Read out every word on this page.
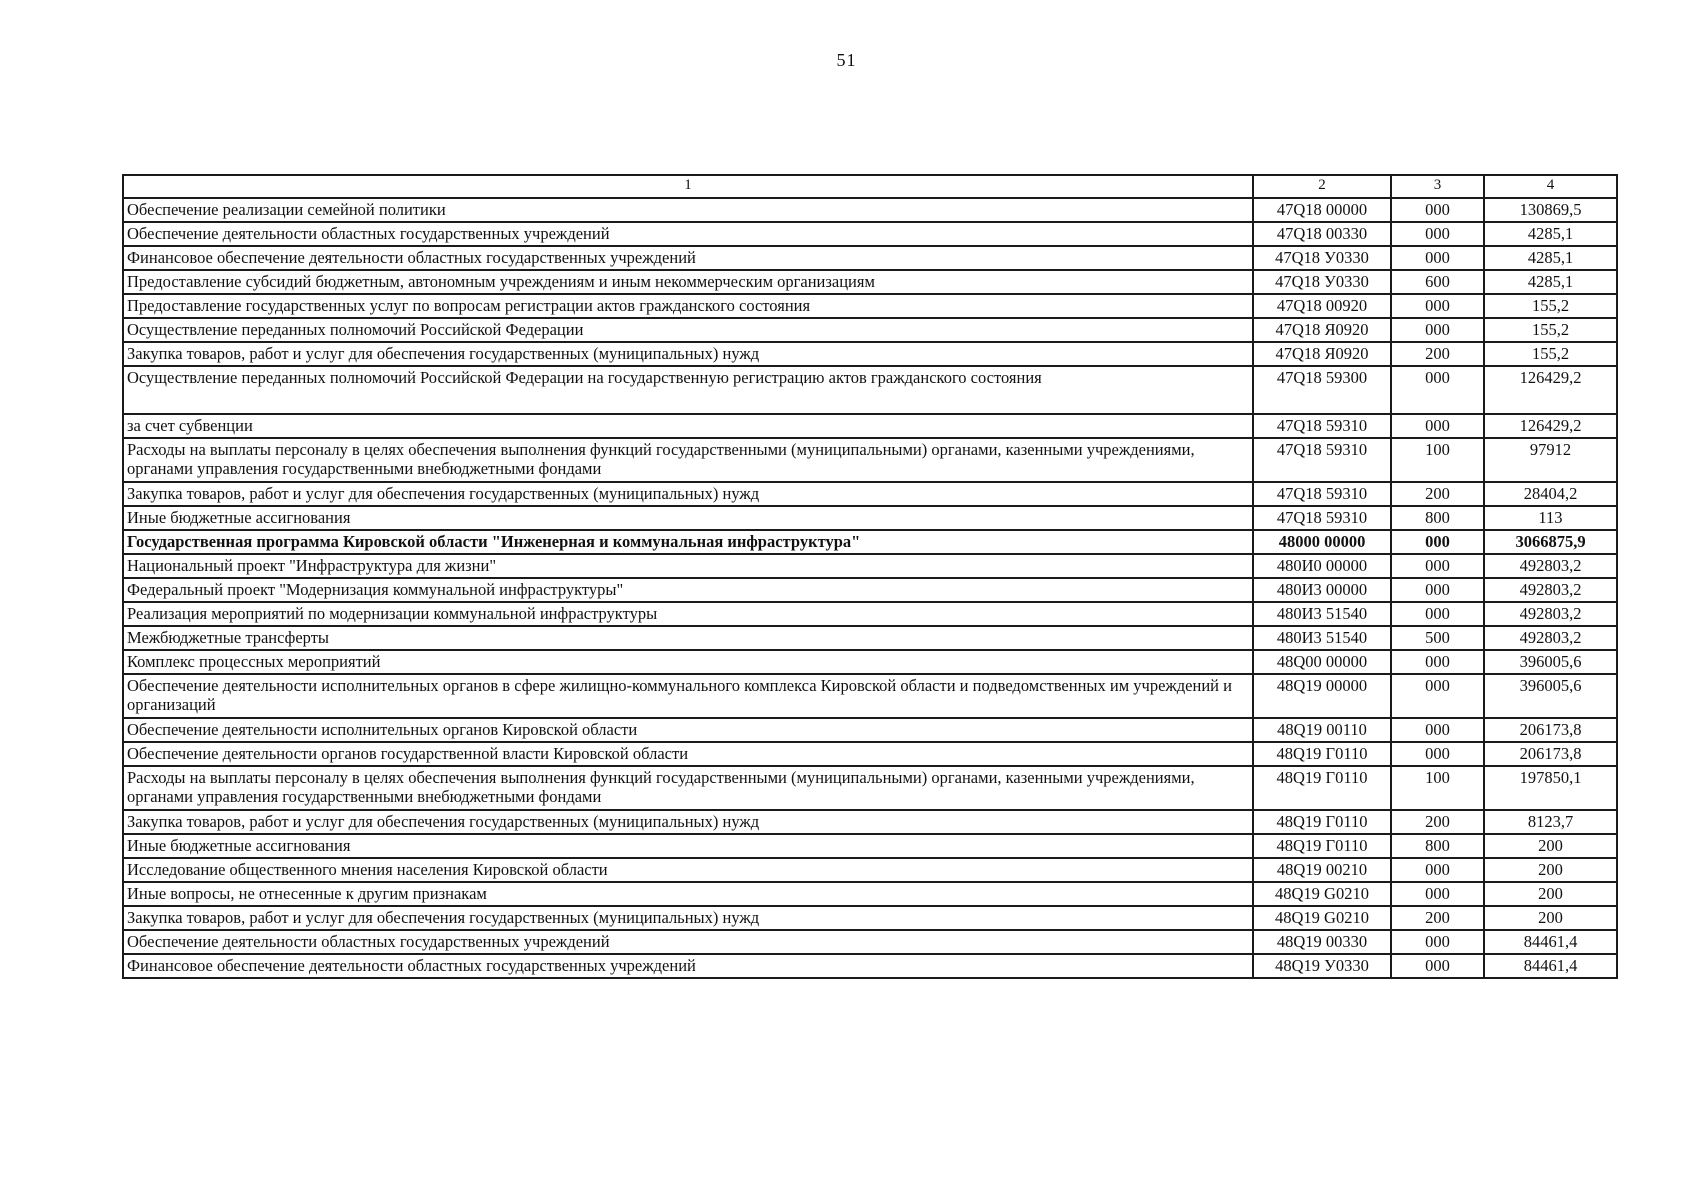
51
1	2	3	4
Обеспечение реализации семейной политики	47Q18 00000	000	130869,5
Обеспечение деятельности областных государственных учреждений	47Q18 00330	000	4285,1
Финансовое обеспечение деятельности областных государственных учреждений	47Q18 У0330	000	4285,1
Предоставление субсидий бюджетным, автономным учреждениям и иным некоммерческим организациям	47Q18 У0330	600	4285,1
Предоставление государственных услуг по вопросам регистрации актов гражданского состояния	47Q18 00920	000	155,2
Осуществление переданных полномочий Российской Федерации	47Q18 Я0920	000	155,2
Закупка товаров, работ и услуг для обеспечения государственных (муниципальных) нужд	47Q18 Я0920	200	155,2
Осуществление переданных полномочий Российской Федерации на государственную регистрацию актов гражданского состояния	47Q18 59300	000	126429,2
за счет субвенции	47Q18 59310	000	126429,2
Расходы на выплаты персоналу в целях обеспечения выполнения функций государственными (муниципальными) органами, казенными учреждениями, органами управления государственными внебюджетными фондами	47Q18 59310	100	97912
Закупка товаров, работ и услуг для обеспечения государственных (муниципальных) нужд	47Q18 59310	200	28404,2
Иные бюджетные ассигнования	47Q18 59310	800	113
Государственная программа Кировской области "Инженерная и коммунальная инфраструктура"	48000 00000	000	3066875,9
Национальный проект "Инфраструктура для жизни"	480И0 00000	000	492803,2
Федеральный проект "Модернизация коммунальной инфраструктуры"	480И3 00000	000	492803,2
Реализация мероприятий по модернизации коммунальной инфраструктуры	480И3 51540	000	492803,2
Межбюджетные трансферты	480И3 51540	500	492803,2
Комплекс процессных мероприятий	48Q00 00000	000	396005,6
Обеспечение деятельности исполнительных органов в сфере жилищно-коммунального комплекса Кировской области и подведомственных им учреждений и организаций	48Q19 00000	000	396005,6
Обеспечение деятельности исполнительных органов Кировской области	48Q19 00110	000	206173,8
Обеспечение деятельности органов государственной власти Кировской области	48Q19 Г0110	000	206173,8
Расходы на выплаты персоналу в целях обеспечения выполнения функций государственными (муниципальными) органами, казенными учреждениями, органами управления государственными внебюджетными фондами	48Q19 Г0110	100	197850,1
Закупка товаров, работ и услуг для обеспечения государственных (муниципальных) нужд	48Q19 Г0110	200	8123,7
Иные бюджетные ассигнования	48Q19 Г0110	800	200
Исследование общественного мнения населения Кировской области	48Q19 00210	000	200
Иные вопросы, не отнесенные к другим признакам	48Q19 G0210	000	200
Закупка товаров, работ и услуг для обеспечения государственных (муниципальных) нужд	48Q19 G0210	200	200
Обеспечение деятельности областных государственных учреждений	48Q19 00330	000	84461,4
Финансовое обеспечение деятельности областных государственных учреждений	48Q19 У0330	000	84461,4
